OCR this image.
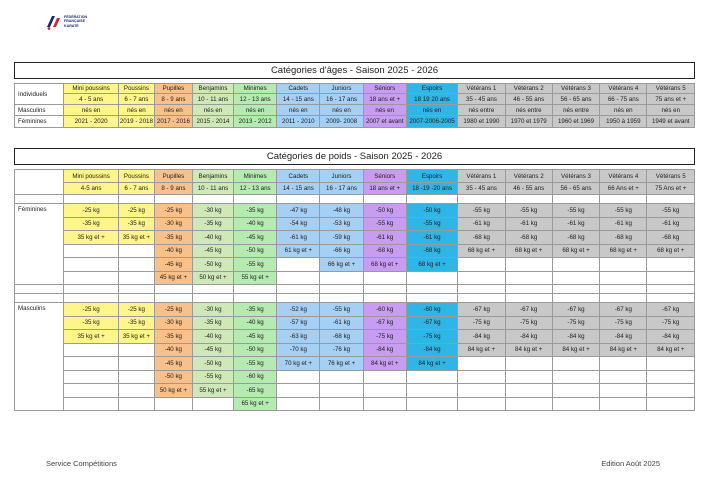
FÉDÉRATION
FRANÇAISE
KARATÉ
Catégories d'âges - Saison 2025 - 2026														

Individuels	Mini poussins	Poussins	Pupilles	Benjamins	Minimes	Cadets	Juniors	Séniors	Espoirs	Vétérans 1	Vétérans 2	Vétérans 3	Vétérans 4	Vétérans 5
	4 - 5 ans	6 - 7 ans	8 - 9 ans	10 - 11 ans	12 - 13 ans	14 - 15 ans	16 - 17 ans	18 ans et +	18 19 20 ans	35 - 45 ans	46 - 55 ans	56 - 65 ans	66 - 75 ans	75 ans et +
Masculins	nés en	nés en	nés en	nés en	nés en	nés en	nés en	nés en	nés en	nés entre	nés entre	nés entre	nés en	nés en
Féminines	2021 - 2020	2019 - 2018	2017 - 2016	2015 - 2014	2013 - 2012	2011 - 2010	2009- 2008	2007 et avant	2007-2006-2005	1980 et 1990	1970 et 1979	1960 et 1969	1950 à 1959	1949 et avant
Catégories de poids - Saison 2025 - 2026														

	Mini poussins	Poussins	Pupilles	Benjamins	Minimes	Cadets	Juniors	Séniors	Espoirs	Vétérans 1	Vétérans 2	Vétérans 3	Vétérans 4	Vétérans 5
	4-5 ans	6 - 7 ans	8 - 9 ans	10 - 11 ans	12 - 13 ans	14 - 15 ans	16 - 17 ans	18 ans et +	18 -19 -20 ans	35 - 45 ans	46 - 55 ans	56 - 65 ans	66 Ans et +	75 Ans et +

Féminines	-25 kg	-25 kg	-25 kg	-30 kg	-35 kg	-47 kg	-48 kg	-50 kg	-50 kg	-55 kg	-55 kg	-55 kg	-55 kg	-55 kg
	-35 kg	-35 kg	-30 kg	-35 kg	-40 kg	-54 kg	-53 kg	-55 kg	-55 kg	-61 kg	-61 kg	-61 kg	-61 kg	-61 kg
	35 kg et +	35 kg et +	-35 kg	-40 kg	-45 kg	-61 kg	-59 kg	-61 kg	-61 kg	-68 kg	-68 kg	-68 kg	-68 kg	-68 kg
			-40 kg	-45 kg	-50 kg	61 kg et +	-66 kg	-68 kg	-68 kg	68 kg et +	68 kg et +	68 kg et +	68 kg et +	68 kg et +
			-45 kg	-50 kg	-55 kg		66 kg et +	68 kg et +	68 kg et +					
			45 kg et +	50 kg et +	55 kg et +									

Masculins	-25 kg	-25 kg	-25 kg	-30 kg	-35 kg	-52 kg	-55 kg	-60 kg	-60 kg	-67 kg	-67 kg	-67 kg	-67 kg	-67 kg
	-35 kg	-35 kg	-30 kg	-35 kg	-40 kg	-57 kg	-61 kg	-67 kg	-67 kg	-75 kg	-75 kg	-75 kg	-75 kg	-75 kg
	35 kg et +	35 kg et +	-35 kg	-40 kg	-45 kg	-63 kg	-68 kg	-75 kg	-75 kg	-84 kg	-84 kg	-84 kg	-84 kg	-84 kg
			-40 kg	-45 kg	-50 kg	-70 kg	-76 kg	-84 kg	-84 kg	84 kg et +	84 kg et +	84 kg et +	84 kg et +	84 kg et +
			-45 kg	-50 kg	-55 kg	70 kg et +	76 kg et +	84 kg et +	84 kg et +					
			-50 kg	-55 kg	-60 kg									
			50 kg et +	55 kg et +	-65 kg									
					65 kg et +									
Service Compétitions	Edition Août 2025
